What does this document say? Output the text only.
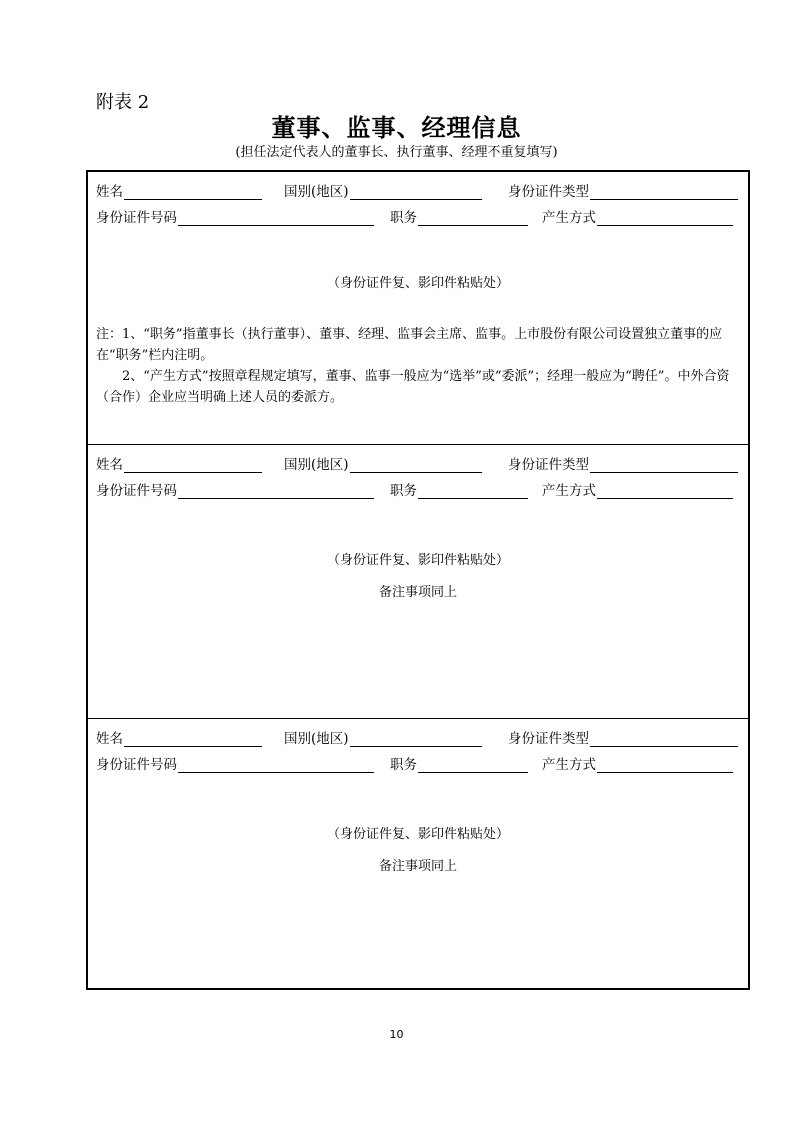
附表 2
董事、监事、经理信息
(担任法定代表人的董事长、执行董事、经理不重复填写)
姓名	国别(地区)	身份证件类型
身份证件号码	职务	产生方式
（身份证件复、影印件粘贴处）

注：1、“职务”指董事长（执行董事）、董事、经理、监事会主席、监事。上市股份有限公司设置独立董事的应在“职务”栏内注明。

2、“产生方式”按照章程规定填写，董事、监事一般应为“选举”或“委派”；经理一般应为“聘任”。中外合资（合作）企业应当明确上述人员的委派方。

姓名	国别(地区)	身份证件类型
身份证件号码	职务	产生方式
（身份证件复、影印件粘贴处）
备注事项同上
姓名	国别(地区)	身份证件类型
身份证件号码	职务	产生方式
（身份证件复、影印件粘贴处）
备注事项同上
10
